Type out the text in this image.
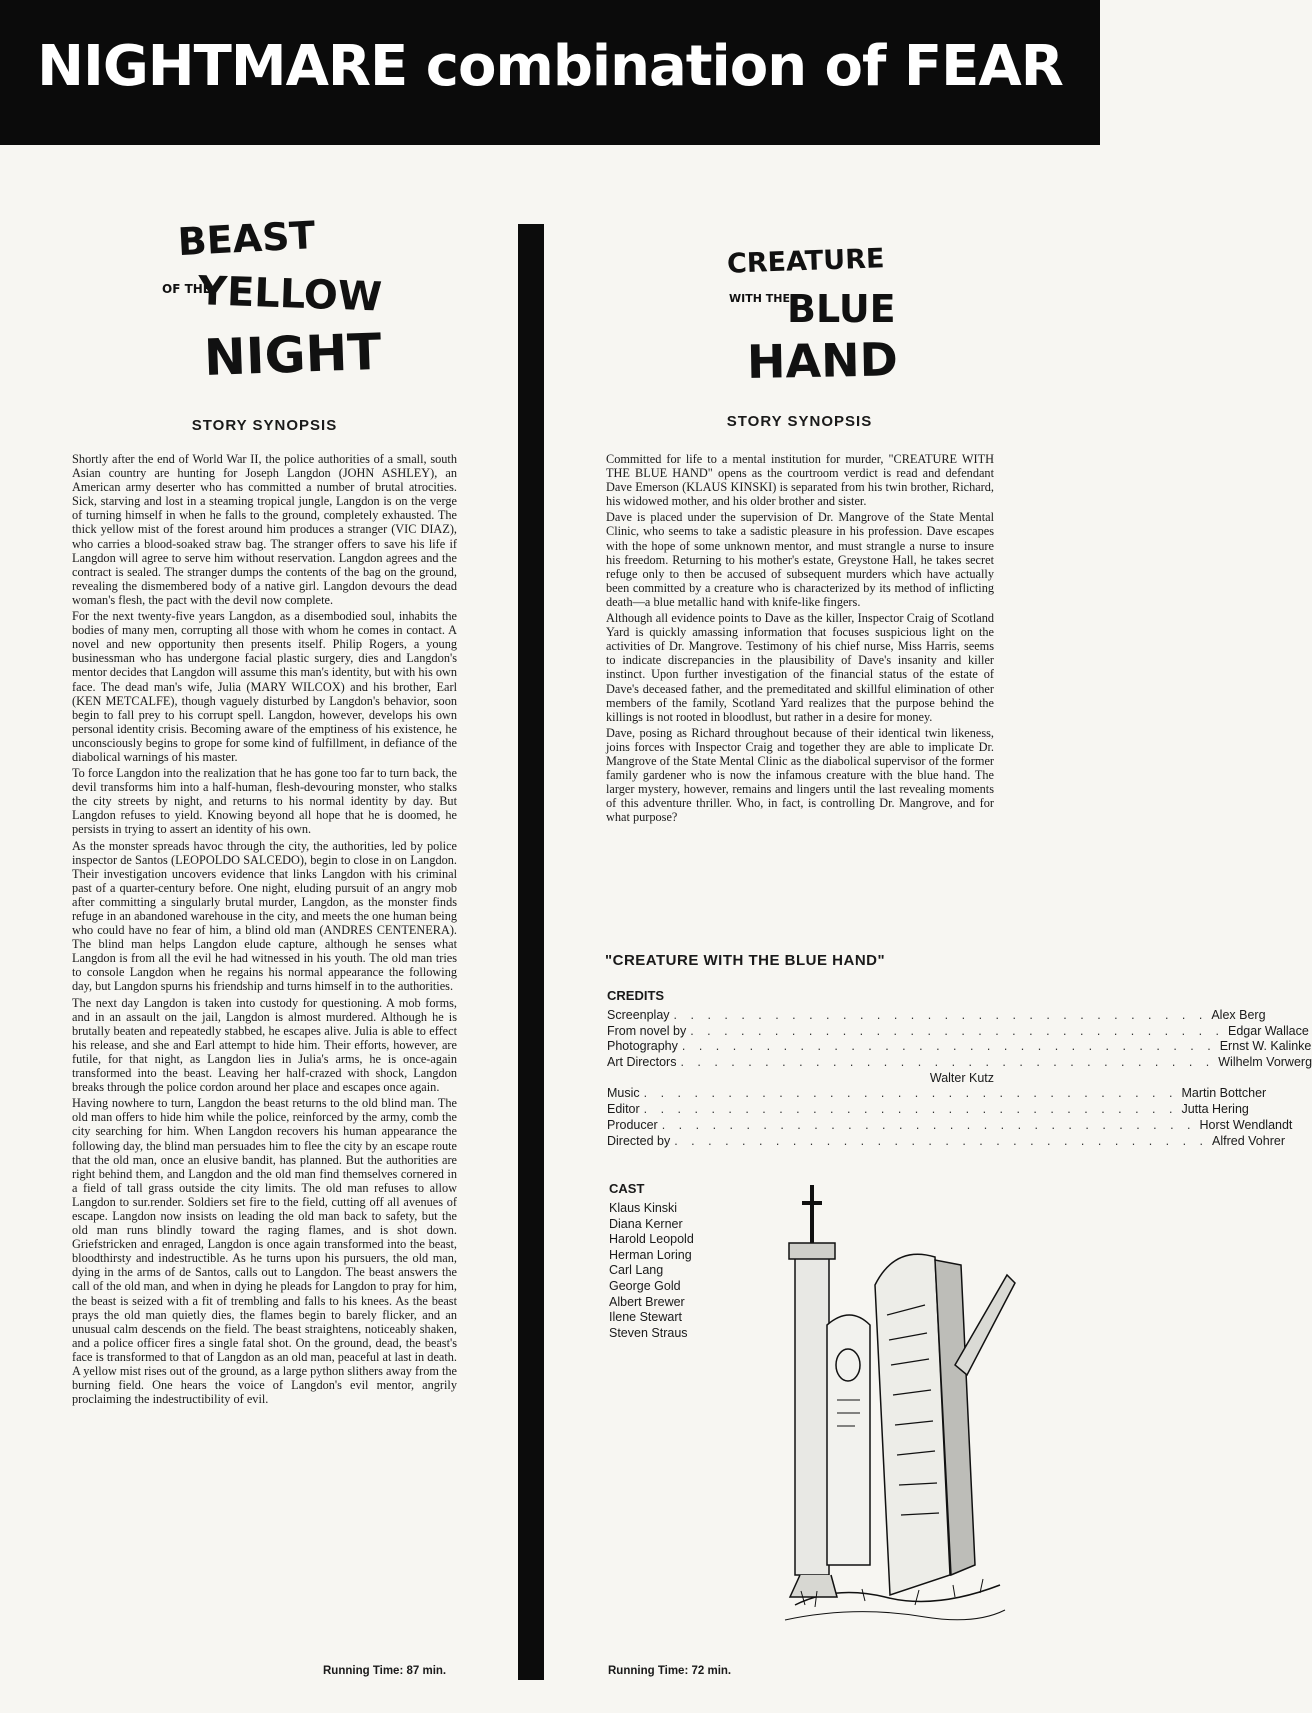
NIGHTMARE combination of FEAR
BEAST
OF THE
YELLOW
NIGHT
CREATURE
WITH THE
BLUE
HAND
STORY SYNOPSIS	STORY SYNOPSIS

Shortly after the end of World War II, the police authorities of a small, south Asian country are hunting for Joseph Langdon (JOHN ASHLEY), an American army deserter who has committed a number of brutal atrocities. Sick, starving and lost in a steaming tropical jungle, Langdon is on the verge of turning himself in when he falls to the ground, completely exhausted. The thick yellow mist of the forest around him produces a stranger (VIC DIAZ), who carries a blood-soaked straw bag. The stranger offers to save his life if Langdon will agree to serve him without reservation. Langdon agrees and the contract is sealed. The stranger dumps the contents of the bag on the ground, revealing the dismembered body of a native girl. Langdon devours the dead woman's flesh, the pact with the devil now complete.

For the next twenty-five years Langdon, as a disembodied soul, inhabits the bodies of many men, corrupting all those with whom he comes in contact. A novel and new opportunity then presents itself. Philip Rogers, a young businessman who has undergone facial plastic surgery, dies and Langdon's mentor decides that Langdon will assume this man's identity, but with his own face. The dead man's wife, Julia (MARY WILCOX) and his brother, Earl (KEN METCALFE), though vaguely disturbed by Langdon's behavior, soon begin to fall prey to his corrupt spell. Langdon, however, develops his own personal identity crisis. Becoming aware of the emptiness of his existence, he unconsciously begins to grope for some kind of fulfillment, in defiance of the diabolical warnings of his master.

To force Langdon into the realization that he has gone too far to turn back, the devil transforms him into a half-human, flesh-devouring monster, who stalks the city streets by night, and returns to his normal identity by day. But Langdon refuses to yield. Knowing beyond all hope that he is doomed, he persists in trying to assert an identity of his own.

As the monster spreads havoc through the city, the authorities, led by police inspector de Santos (LEOPOLDO SALCEDO), begin to close in on Langdon. Their investigation uncovers evidence that links Langdon with his criminal past of a quarter-century before. One night, eluding pursuit of an angry mob after committing a singularly brutal murder, Langdon, as the monster finds refuge in an abandoned warehouse in the city, and meets the one human being who could have no fear of him, a blind old man (ANDRES CENTENERA). The blind man helps Langdon elude capture, although he senses what Langdon is from all the evil he had witnessed in his youth. The old man tries to console Langdon when he regains his normal appearance the following day, but Langdon spurns his friendship and turns himself in to the authorities.

The next day Langdon is taken into custody for questioning. A mob forms, and in an assault on the jail, Langdon is almost murdered. Although he is brutally beaten and repeatedly stabbed, he escapes alive. Julia is able to effect his release, and she and Earl attempt to hide him. Their efforts, however, are futile, for that night, as Langdon lies in Julia's arms, he is once-again transformed into the beast. Leaving her half-crazed with shock, Langdon breaks through the police cordon around her place and escapes once again.

Having nowhere to turn, Langdon the beast returns to the old blind man. The old man offers to hide him while the police, reinforced by the army, comb the city searching for him. When Langdon recovers his human appearance the following day, the blind man persuades him to flee the city by an escape route that the old man, once an elusive bandit, has planned. But the authorities are right behind them, and Langdon and the old man find themselves cornered in a field of tall grass outside the city limits. The old man refuses to allow Langdon to sur.render. Soldiers set fire to the field, cutting off all avenues of escape. Langdon now insists on leading the old man back to safety, but the old man runs blindly toward the raging flames, and is shot down. Griefstricken and enraged, Langdon is once again transformed into the beast, bloodthirsty and indestructible. As he turns upon his pursuers, the old man, dying in the arms of de Santos, calls out to Langdon. The beast answers the call of the old man, and when in dying he pleads for Langdon to pray for him, the beast is seized with a fit of trembling and falls to his knees. As the beast prays the old man quietly dies, the flames begin to barely flicker, and an unusual calm descends on the field. The beast straightens, noticeably shaken, and a police officer fires a single fatal shot. On the ground, dead, the beast's face is transformed to that of Langdon as an old man, peaceful at last in death. A yellow mist rises out of the ground, as a large python slithers away from the burning field. One hears the voice of Langdon's evil mentor, angrily proclaiming the indestructibility of evil.

Committed for life to a mental institution for murder, "CREATURE WITH THE BLUE HAND" opens as the courtroom verdict is read and defendant Dave Emerson (KLAUS KINSKI) is separated from his twin brother, Richard, his widowed mother, and his older brother and sister.

Dave is placed under the supervision of Dr. Mangrove of the State Mental Clinic, who seems to take a sadistic pleasure in his profession. Dave escapes with the hope of some unknown mentor, and must strangle a nurse to insure his freedom. Returning to his mother's estate, Greystone Hall, he takes secret refuge only to then be accused of subsequent murders which have actually been committed by a creature who is characterized by its method of inflicting death—a blue metallic hand with knife-like fingers.

Although all evidence points to Dave as the killer, Inspector Craig of Scotland Yard is quickly amassing information that focuses suspicious light on the activities of Dr. Mangrove. Testimony of his chief nurse, Miss Harris, seems to indicate discrepancies in the plausibility of Dave's insanity and killer instinct. Upon further investigation of the financial status of the estate of Dave's deceased father, and the premeditated and skillful elimination of other members of the family, Scotland Yard realizes that the purpose behind the killings is not rooted in bloodlust, but rather in a desire for money.

Dave, posing as Richard throughout because of their identical twin likeness, joins forces with Inspector Craig and together they are able to implicate Dr. Mangrove of the State Mental Clinic as the diabolical supervisor of the former family gardener who is now the infamous creature with the blue hand. The larger mystery, however, remains and lingers until the last revealing moments of this adventure thriller. Who, in fact, is controlling Dr. Mangrove, and for what purpose?

"CREATURE WITH THE BLUE HAND"
CREDITS
Screenplay . . . . . . . . . . . . . . . . . . . . . . . . . . . . . . . . Alex Berg
From novel by . . . . . . . . . . . . . . . . . . . . . . . . . . . . . . . . Edgar Wallace
Photography . . . . . . . . . . . . . . . . . . . . . . . . . . . . . . . . Ernst W. Kalinke
Art Directors . . . . . . . . . . . . . . . . . . . . . . . . . . . . . . . . Wilhelm Vorwerg
Walter Kutz
Music . . . . . . . . . . . . . . . . . . . . . . . . . . . . . . . . Martin Bottcher
Editor . . . . . . . . . . . . . . . . . . . . . . . . . . . . . . . . Jutta Hering
Producer . . . . . . . . . . . . . . . . . . . . . . . . . . . . . . . . Horst Wendlandt
Directed by . . . . . . . . . . . . . . . . . . . . . . . . . . . . . . . . Alfred Vohrer
CAST
Klaus Kinski
Diana Kerner
Harold Leopold
Herman Loring
Carl Lang
George Gold
Albert Brewer
Ilene Stewart
Steven Straus
Running Time: 87 min.	Running Time: 72 min.
